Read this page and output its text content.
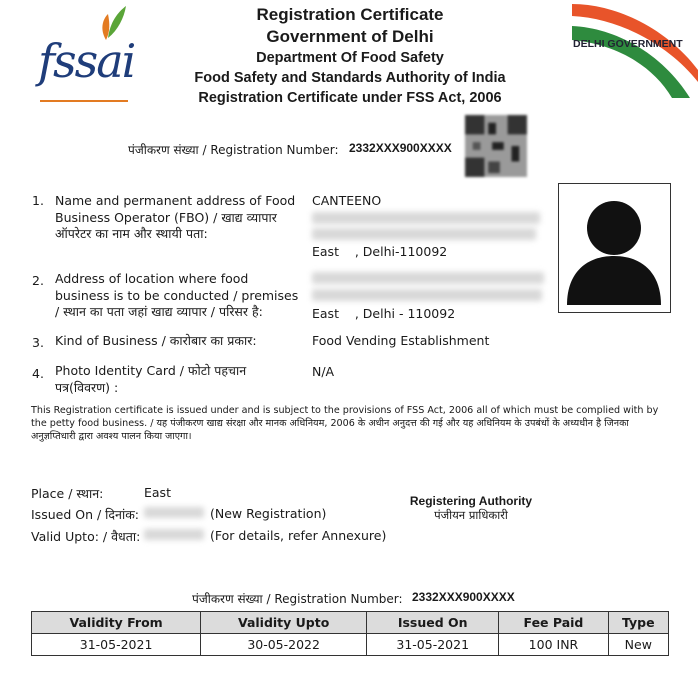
fssai
Registration Certificate
Government of Delhi
Department Of Food Safety
Food Safety and Standards Authority of India
Registration Certificate under FSS Act, 2006
DELHI GOVERNMENT
पंजीकरण संख्या / Registration Number: 2332XXX900XXXX
1. Name and permanent address of Food Business Operator (FBO) / खाद्य व्यापार ऑपरेटर का नाम और स्थायी पता:
CANTEENO
East    , Delhi-110092
2. Address of location where food business is to be conducted / premises / स्थान का पता जहां खाद्य व्यापार / परिसर है:	East    , Delhi - 110092
3. Kind of Business / कारोबार का प्रकार:	Food Vending Establishment
4. Photo Identity Card / फोटो पहचान पत्र(विवरण) :
N/A
This Registration certificate is issued under and is subject to the provisions of FSS Act, 2006 all of which must be complied with by the petty food business. / यह पंजीकरण खाद्य संरक्षा और मानक अधिनियम, 2006 के अधीन अनुदत्त की गई और यह अधिनियम के उपबंधों के अध्यधीन है जिनका अनुज्ञप्तिधारी द्वारा अवश्य पालन किया जाएगा।
Place / स्थान:	East
Issued On / दिनांक:	(New Registration)
Valid Upto: / वैधता:	(For details, refer Annexure)
Registering Authority
पंजीयन प्राधिकारी
पंजीकरण संख्या / Registration Number: 2332XXX900XXXX
Validity From	Validity Upto	Issued On	Fee Paid	Type
31-05-2021	30-05-2022	31-05-2021	100 INR	New
